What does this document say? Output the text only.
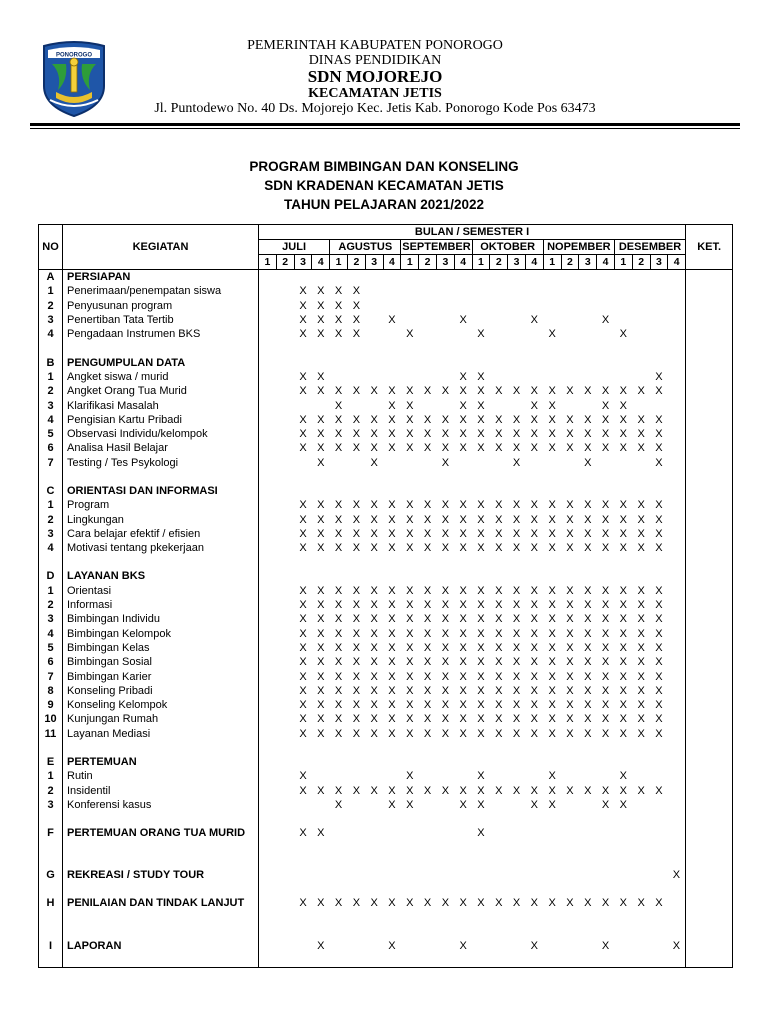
PONOROGO
PEMERINTAH KABUPATEN PONOROGO
DINAS PENDIDIKAN
SDN MOJOREJO
KECAMATAN JETIS
Jl. Puntodewo No. 40 Ds. Mojorejo Kec. Jetis Kab. Ponorogo Kode Pos 63473
PROGRAM BIMBINGAN DAN KONSELING
SDN KRADENAN KECAMATAN JETIS
TAHUN PELAJARAN 2021/2022
NO	KEGIATAN	BULAN / SEMESTER I																								KET.
		JULI				AGUSTUS				SEPTEMBER				OKTOBER				NOPEMBER				DESEMBER				
		1	2	3	4	1	2	3	4	1	2	3	4	1	2	3	4	1	2	3	4	1	2	3	4	
A	PERSIAPAN																									
1	Penerimaan/penempatan siswa			X	X	X	X																			
2	Penyusunan program			X	X	X	X																			
3	Penertiban Tata Tertib			X	X	X	X		X				X				X				X					
4	Pengadaan Instrumen BKS			X	X	X	X			X				X				X				X				

B	PENGUMPULAN DATA																									
1	Angket siswa / murid			X	X								X	X										X		
2	Angket Orang Tua Murid			X	X	X	X	X	X	X	X	X	X	X	X	X	X	X	X	X	X	X	X	X		
3	Klarifikasi Masalah					X			X	X			X	X			X	X			X	X				
4	Pengisian Kartu Pribadi			X	X	X	X	X	X	X	X	X	X	X	X	X	X	X	X	X	X	X	X	X		
5	Observasi Individu/kelompok			X	X	X	X	X	X	X	X	X	X	X	X	X	X	X	X	X	X	X	X	X		
6	Analisa Hasil Belajar			X	X	X	X	X	X	X	X	X	X	X	X	X	X	X	X	X	X	X	X	X		
7	Testing / Tes Psykologi				X			X				X				X				X				X		

C	ORIENTASI DAN INFORMASI																									
1	Program			X	X	X	X	X	X	X	X	X	X	X	X	X	X	X	X	X	X	X	X	X		
2	Lingkungan			X	X	X	X	X	X	X	X	X	X	X	X	X	X	X	X	X	X	X	X	X		
3	Cara belajar efektif / efisien			X	X	X	X	X	X	X	X	X	X	X	X	X	X	X	X	X	X	X	X	X		
4	Motivasi tentang pkekerjaan			X	X	X	X	X	X	X	X	X	X	X	X	X	X	X	X	X	X	X	X	X		

D	LAYANAN BKS																									
1	Orientasi			X	X	X	X	X	X	X	X	X	X	X	X	X	X	X	X	X	X	X	X	X		
2	Informasi			X	X	X	X	X	X	X	X	X	X	X	X	X	X	X	X	X	X	X	X	X		
3	Bimbingan Individu			X	X	X	X	X	X	X	X	X	X	X	X	X	X	X	X	X	X	X	X	X		
4	Bimbingan Kelompok			X	X	X	X	X	X	X	X	X	X	X	X	X	X	X	X	X	X	X	X	X		
5	Bimbingan Kelas			X	X	X	X	X	X	X	X	X	X	X	X	X	X	X	X	X	X	X	X	X		
6	Bimbingan Sosial			X	X	X	X	X	X	X	X	X	X	X	X	X	X	X	X	X	X	X	X	X		
7	Bimbingan Karier			X	X	X	X	X	X	X	X	X	X	X	X	X	X	X	X	X	X	X	X	X		
8	Konseling Pribadi			X	X	X	X	X	X	X	X	X	X	X	X	X	X	X	X	X	X	X	X	X		
9	Konseling Kelompok			X	X	X	X	X	X	X	X	X	X	X	X	X	X	X	X	X	X	X	X	X		
10	Kunjungan Rumah			X	X	X	X	X	X	X	X	X	X	X	X	X	X	X	X	X	X	X	X	X		
11	Layanan Mediasi			X	X	X	X	X	X	X	X	X	X	X	X	X	X	X	X	X	X	X	X	X		

E	PERTEMUAN																									
1	Rutin			X						X				X				X				X				
2	Insidentil			X	X	X	X	X	X	X	X	X	X	X	X	X	X	X	X	X	X	X	X	X		
3	Konferensi kasus					X			X	X			X	X			X	X			X	X				

F	PERTEMUAN ORANG TUA MURID			X	X									X												

G	REKREASI / STUDY TOUR																								X	

H	PENILAIAN DAN TINDAK LANJUT			X	X	X	X	X	X	X	X	X	X	X	X	X	X	X	X	X	X	X	X	X		

I	LAPORAN				X				X				X				X				X				X	
